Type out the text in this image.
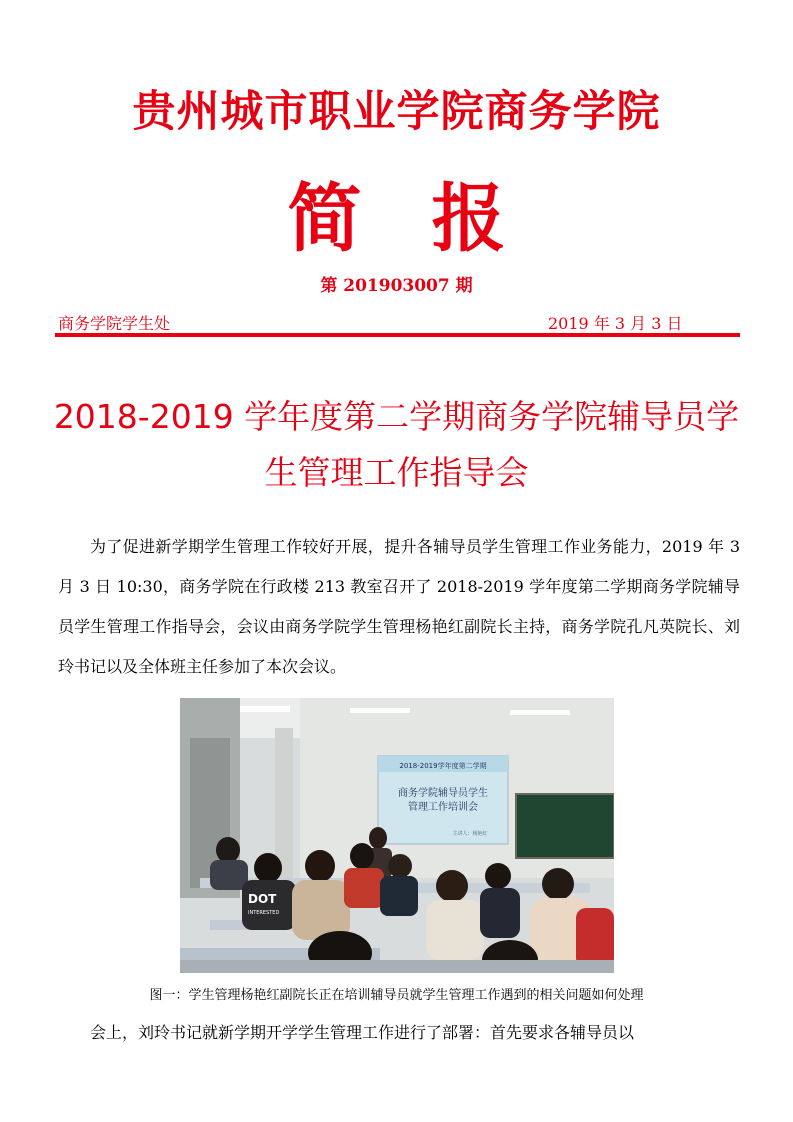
贵州城市职业学院商务学院
简报
第 201903007 期
商务学院学生处	2019 年 3 月 3 日
2018-2019 学年度第二学期商务学院辅导员学生管理工作指导会

为了促进新学期学生管理工作较好开展，提升各辅导员学生管理工作业务能力，2019 年 3 月 3 日 10:30，商务学院在行政楼 213 教室召开了 2018-2019 学年度第二学期商务学院辅导员学生管理工作指导会，会议由商务学院学生管理杨艳红副院长主持，商务学院孔凡英院长、刘玲书记以及全体班主任参加了本次会议。

2018-2019学年度第二学期
商务学院辅导员学生
管理工作培训会
主讲人：杨艳红
DOT
INTERESTED
图一：学生管理杨艳红副院长正在培训辅导员就学生管理工作遇到的相关问题如何处理

会上，刘玲书记就新学期开学学生管理工作进行了部署：首先要求各辅导员以
